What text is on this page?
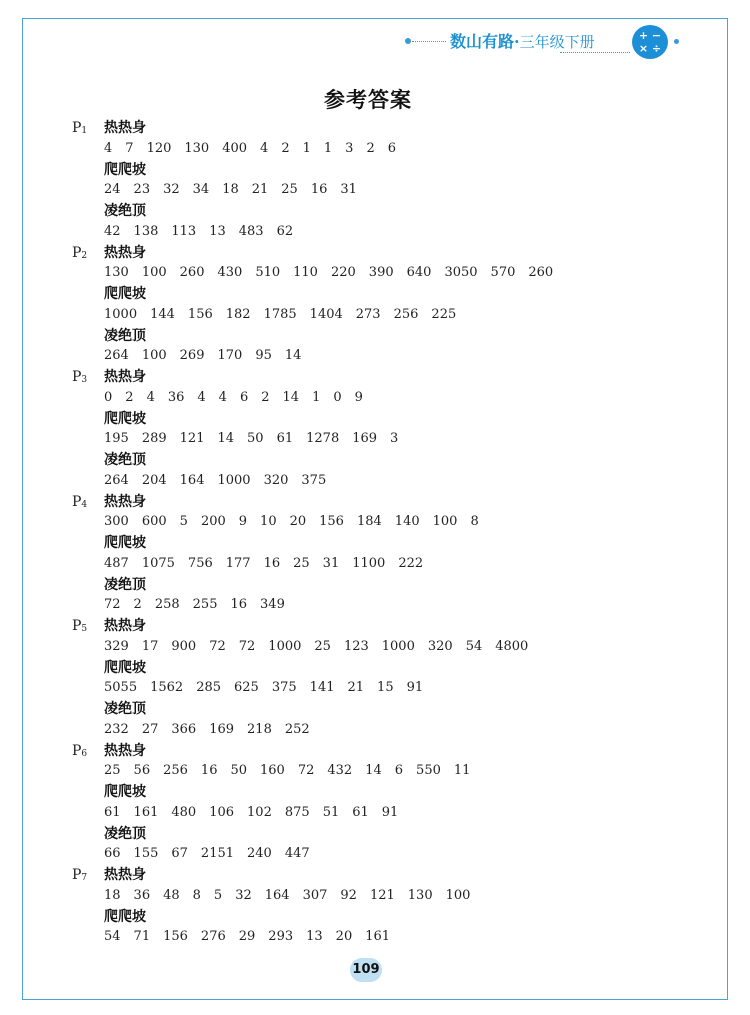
数山有路·三年级下册	+ −
× ÷
参考答案
$P_1$ 热热身
4 7 120 130 400 4 2 1 1 3 2 6
爬爬坡
24 23 32 34 18 21 25 16 31
凌绝顶
42 138 113 13 483 62
$P_2$ 热热身
130 100 260 430 510 110 220 390 640 3050 570 260
爬爬坡
1000 144 156 182 1785 1404 273 256 225
凌绝顶
264 100 269 170 95 14
$P_3$ 热热身
0 2 4 36 4 4 6 2 14 1 0 9
爬爬坡
195 289 121 14 50 61 1278 169 3
凌绝顶
264 204 164 1000 320 375
$P_4$ 热热身
300 600 5 200 9 10 20 156 184 140 100 8
爬爬坡
487 1075 756 177 16 25 31 1100 222
凌绝顶
72 2 258 255 16 349
$P_5$ 热热身
329 17 900 72 72 1000 25 123 1000 320 54 4800
爬爬坡
5055 1562 285 625 375 141 21 15 91
凌绝顶
232 27 366 169 218 252
$P_6$ 热热身
25 56 256 16 50 160 72 432 14 6 550 11
爬爬坡
61 161 480 106 102 875 51 61 91
凌绝顶
66 155 67 2151 240 447
$P_7$ 热热身
18 36 48 8 5 32 164 307 92 121 130 100
爬爬坡
54 71 156 276 29 293 13 20 161
109
